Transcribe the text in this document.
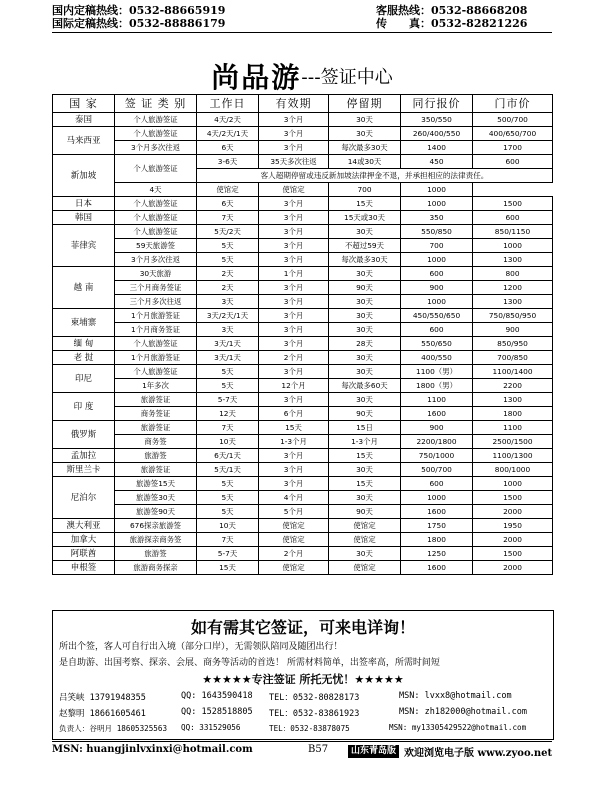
国内定稿热线：0532-88665919
国际定稿热线：0532-88886179
客服热线：0532-88668208
传　　真：0532-82821226
尚品游---签证中心
国 家	签 证 类 别	工作日	有效期	停留期	同行报价	门市价
泰国	个人旅游签证	4天/2天	3个月	30天	350/550	500/700
马来西亚	个人旅游签证	4天/2天/1天	3个月	30天	260/400/550	400/650/700
	3个月多次往返	6天	3个月	每次最多30天	1400	1700
新加坡	个人旅游签证	3-6天	35天多次往返	14或30天	450	600
		客人超期停留或违反新加坡法律押金不退，并承担相应的法律责任。				
	4天	使馆定	使馆定	700	1000	
日本	个人旅游签证	6天	3个月	15天	1000	1500
韩国	个人旅游签证	7天	3个月	15天或30天	350	600
菲律宾	个人旅游签证	5天/2天	3个月	30天	550/850	850/1150
	59天旅游签	5天	3个月	不超过59天	700	1000
	3个月多次往返	5天	3个月	每次最多30天	1000	1300
越 南	30天旅游	2天	1个月	30天	600	800
	三个月商务签证	2天	3个月	90天	900	1200
	三个月多次往返	3天	3个月	30天	1000	1300
柬埔寨	1个月旅游签证	3天/2天/1天	3个月	30天	450/550/650	750/850/950
	1个月商务签证	3天	3个月	30天	600	900
缅 甸	个人旅游签证	3天/1天	3个月	28天	550/650	850/950
老 挝	1个月旅游签证	3天/1天	2个月	30天	400/550	700/850
印尼	个人旅游签证	5天	3个月	30天	1100（男）	1100/1400
	1年多次	5天	12个月	每次最多60天	1800（男）	2200
印 度	旅游签证	5-7天	3个月	30天	1100	1300
	商务签证	12天	6个月	90天	1600	1800
俄罗斯	旅游签证	7天	15天	15日	900	1100
	商务签	10天	1-3个月	1-3个月	2200/1800	2500/1500
孟加拉	旅游签	6天/1天	3个月	15天	750/1000	1100/1300
斯里兰卡	旅游签证	5天/1天	3个月	30天	500/700	800/1000
尼泊尔	旅游签15天	5天	3个月	15天	600	1000
	旅游签30天	5天	4个月	30天	1000	1500
	旅游签90天	5天	5个月	90天	1600	2000
澳大利亚	676探亲旅游签	10天	使馆定	使馆定	1750	1950
加拿大	旅游探亲商务签	7天	使馆定	使馆定	1800	2000
阿联酋	旅游签	5-7天	2个月	30天	1250	1500
申根签	旅游商务探亲	15天	使馆定	使馆定	1600	2000
如有需其它签证，可来电详询！
所出个签，客人可自行出入境（部分口岸），无需领队陪同及随团出行！
是自助游、出国考察、探亲、会展、商务等活动的首选！ 所需材料简单，出签率高，所需时间短
★★★★★专注签证 所托无忧！★★★★★
吕笑峡 13791948355	QQ: 1643590418 TEL：0532-80828173	MSN: lvxx8@hotmail.com
赵黎明 18661605461	QQ: 1528518805 TEL：0532-83861923	MSN: zh182000@hotmail.com
负责人：谷明月 18605325563 QQ: 331529056	TEL：0532-83878075	MSN: my13305429522@hotmail.com
MSN: huangjinlvxinxi@hotmail.com	B57	山东青岛版 欢迎浏览电子版 www.zyoo.net
